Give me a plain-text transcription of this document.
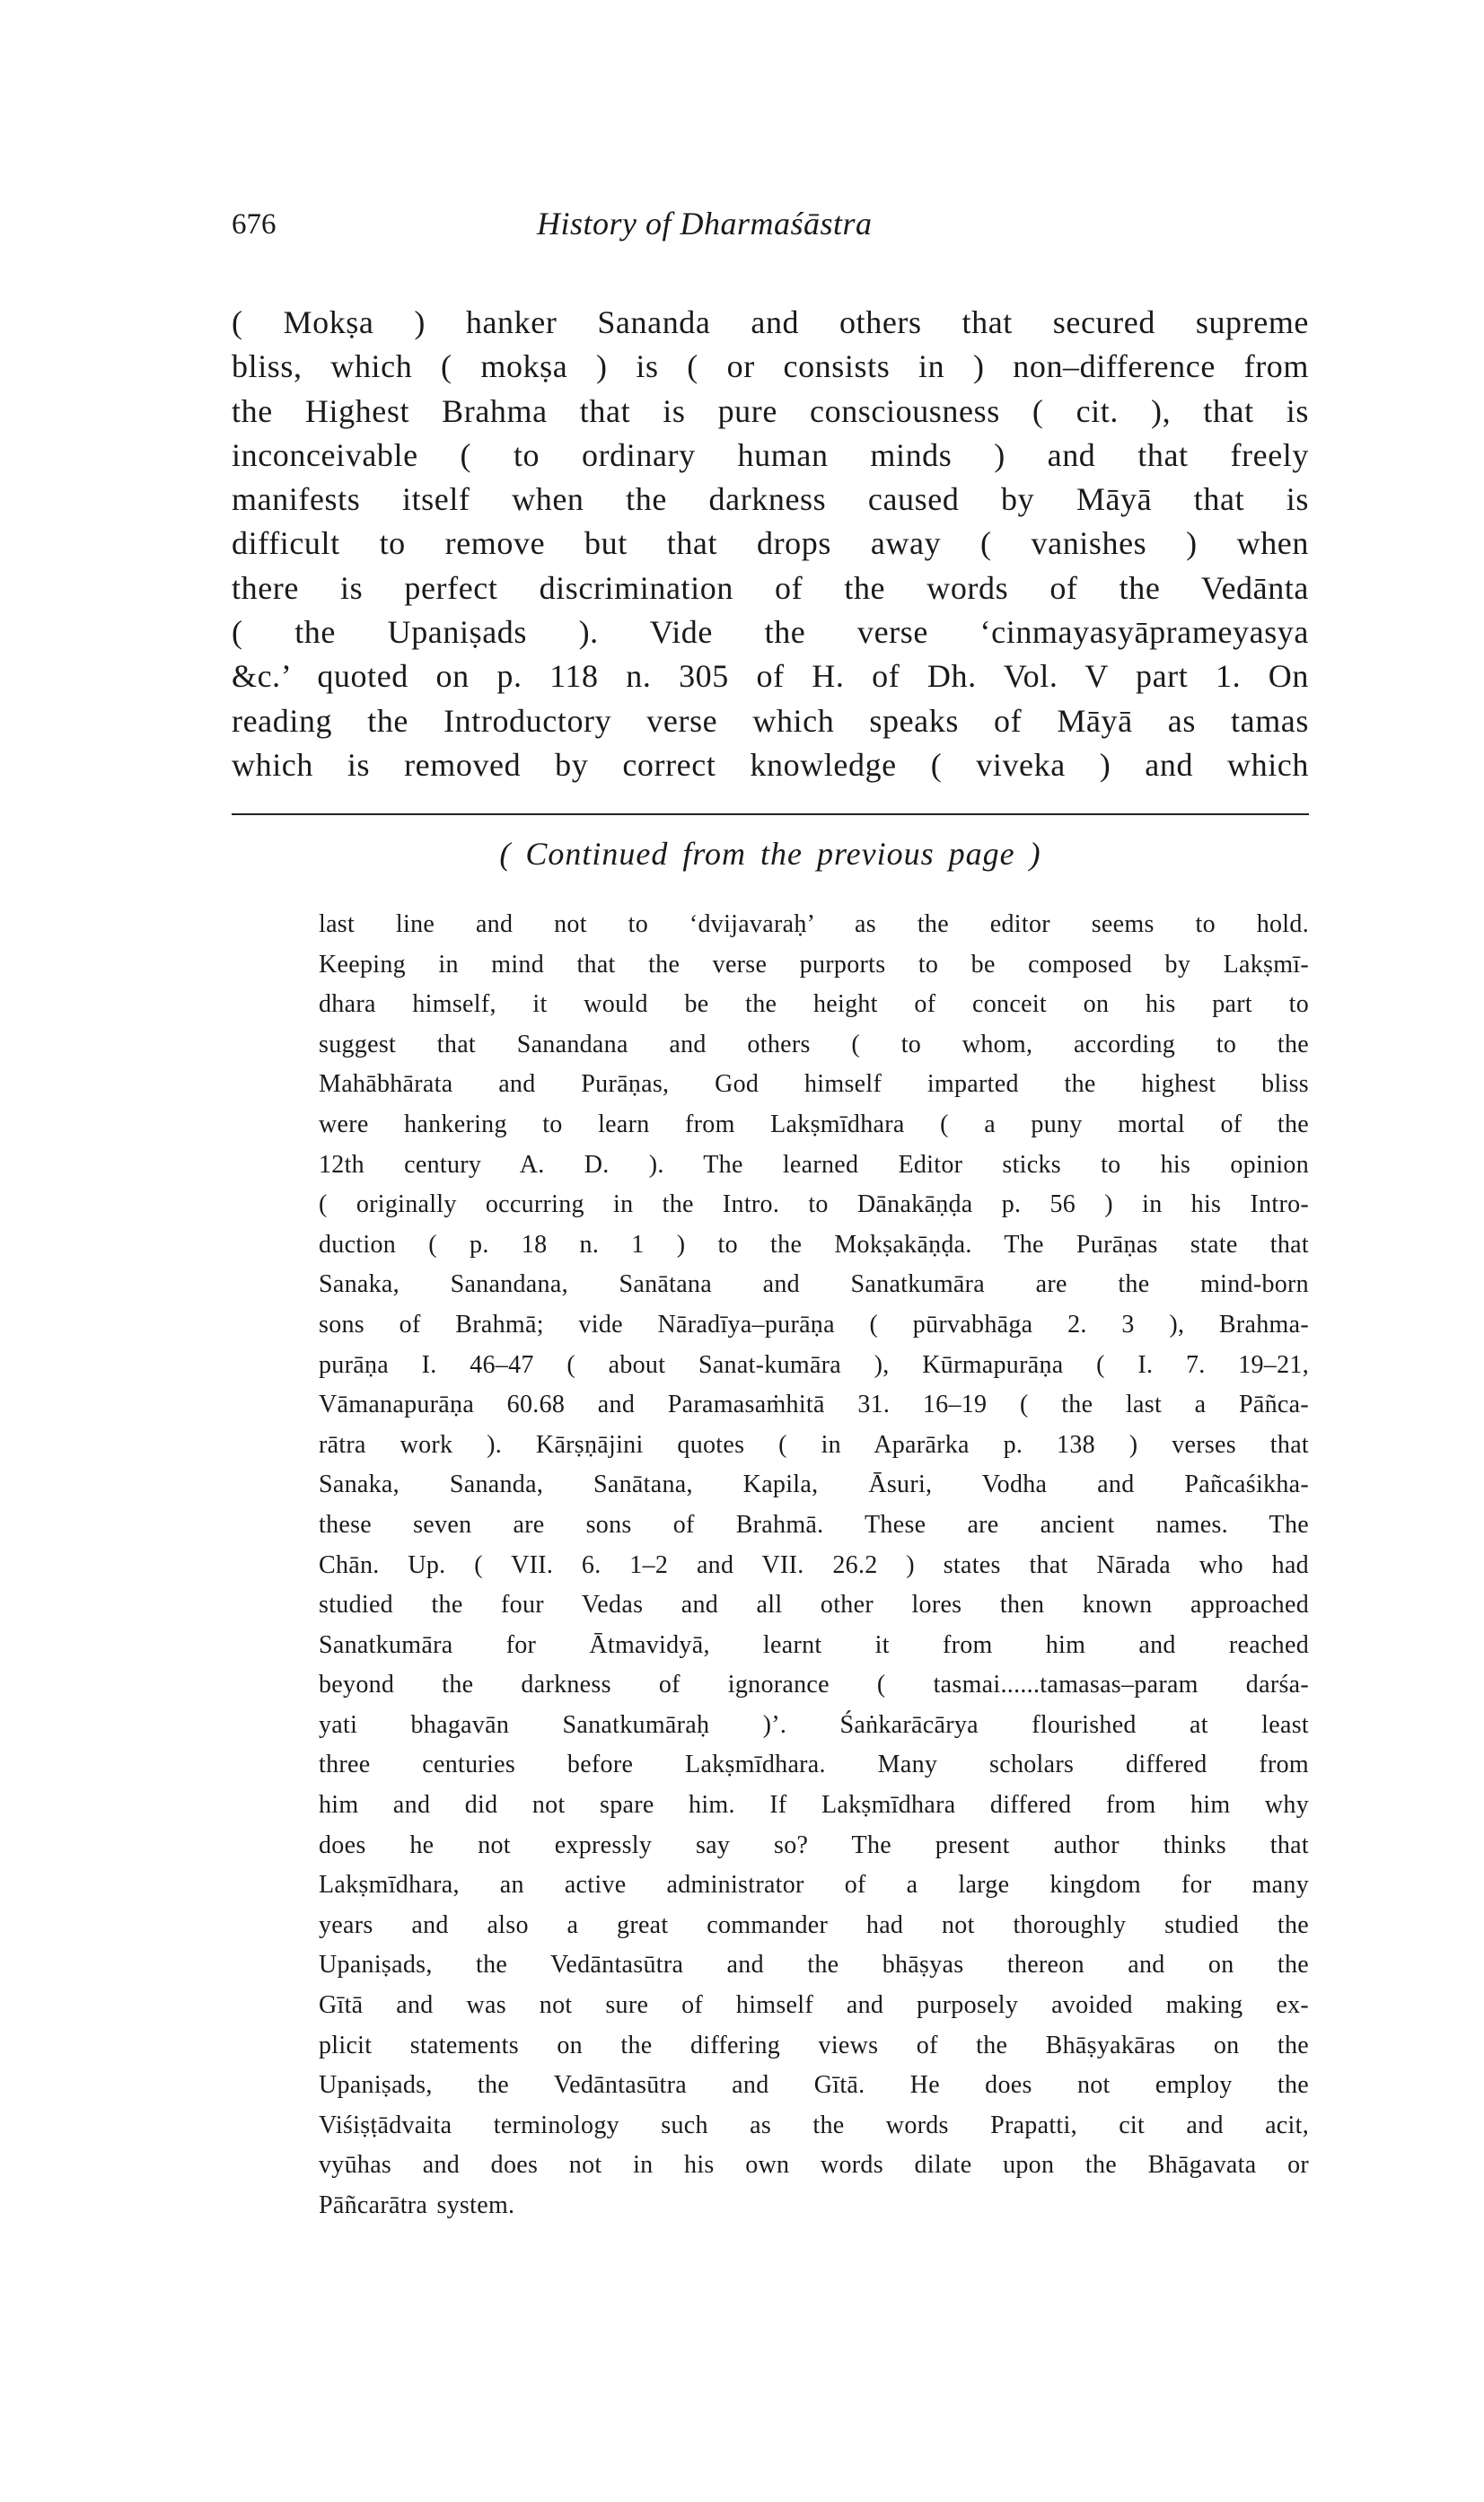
676	History of Dharmaśāstra
( Mokṣa ) hanker Sananda and others that secured supreme
bliss, which ( mokṣa ) is ( or consists in ) non–difference from
the Highest Brahma that is pure consciousness ( cit. ), that is
inconceivable ( to ordinary human minds ) and that freely
manifests itself when the darkness caused by Māyā that is
difficult to remove but that drops away ( vanishes ) when
there is perfect discrimination of the words of the Vedānta
( the Upaniṣads ). Vide the verse ‘cinmayasyāprameyasya
&c.’ quoted on p. 118 n. 305 of H. of Dh. Vol. V part 1. On
reading the Introductory verse which speaks of Māyā as tamas
which is removed by correct knowledge ( viveka ) and which
( Continued from the previous page )
last line and not to ‘dvijavaraḥ’ as the editor seems to hold.
Keeping in mind that the verse purports to be composed by Lakṣmī-
dhara himself, it would be the height of conceit on his part to
suggest that Sanandana and others ( to whom, according to the
Mahābhārata and Purāṇas, God himself imparted the highest bliss
were hankering to learn from Lakṣmīdhara ( a puny mortal of the
12th century A. D. ). The learned Editor sticks to his opinion
( originally occurring in the Intro. to Dānakāṇḍa p. 56 ) in his Intro-
duction ( p. 18 n. 1 ) to the Mokṣakāṇḍa. The Purāṇas state that
Sanaka, Sanandana, Sanātana and Sanatkumāra are the mind-born
sons of Brahmā; vide Nāradīya–purāṇa ( pūrvabhāga 2. 3 ), Brahma-
purāṇa I. 46–47 ( about Sanat-kumāra ), Kūrmapurāṇa ( I. 7. 19–21,
Vāmanapurāṇa 60.68 and Paramasaṁhitā 31. 16–19 ( the last a Pāñca-
rātra work ). Kārṣṇājini quotes ( in Aparārka p. 138 ) verses that
Sanaka, Sananda, Sanātana, Kapila, Āsuri, Vodha and Pañcaśikha-
these seven are sons of Brahmā. These are ancient names. The
Chān. Up. ( VII. 6. 1–2 and VII. 26.2 ) states that Nārada who had
studied the four Vedas and all other lores then known approached
Sanatkumāra for Ātmavidyā, learnt it from him and reached
beyond the darkness of ignorance ( tasmai......tamasas–param darśa-
yati bhagavān Sanatkumāraḥ )’. Śaṅkarācārya flourished at least
three centuries before Lakṣmīdhara. Many scholars differed from
him and did not spare him. If Lakṣmīdhara differed from him why
does he not expressly say so? The present author thinks that
Lakṣmīdhara, an active administrator of a large kingdom for many
years and also a great commander had not thoroughly studied the
Upaniṣads, the Vedāntasūtra and the bhāṣyas thereon and on the
Gītā and was not sure of himself and purposely avoided making ex-
plicit statements on the differing views of the Bhāṣyakāras on the
Upaniṣads, the Vedāntasūtra and Gītā. He does not employ the
Viśiṣṭādvaita terminology such as the words Prapatti, cit and acit,
vyūhas and does not in his own words dilate upon the Bhāgavata or
Pāñcarātra system.
